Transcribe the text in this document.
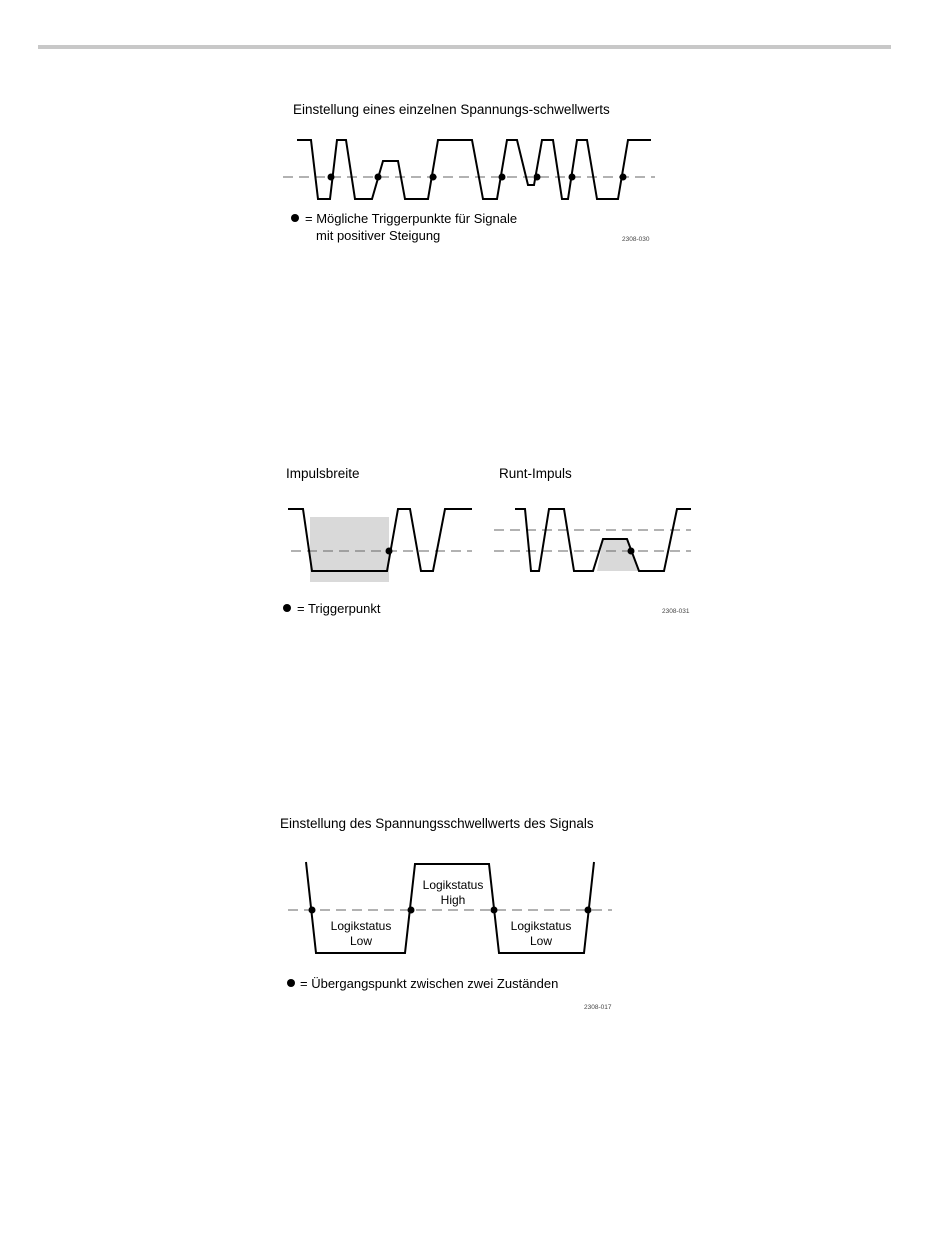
Einstellung eines einzelnen Spannungs-schwellwerts
= Mögliche Triggerpunkte für Signale
mit positiver Steigung	2308-030
Impulsbreite	Runt-Impuls
= Triggerpunkt	2308-031
Einstellung des Spannungsschwellwerts des Signals
Logikstatus
High
Logikstatus
Low
Logikstatus
Low
= Übergangspunkt zwischen zwei Zuständen
2308-017
